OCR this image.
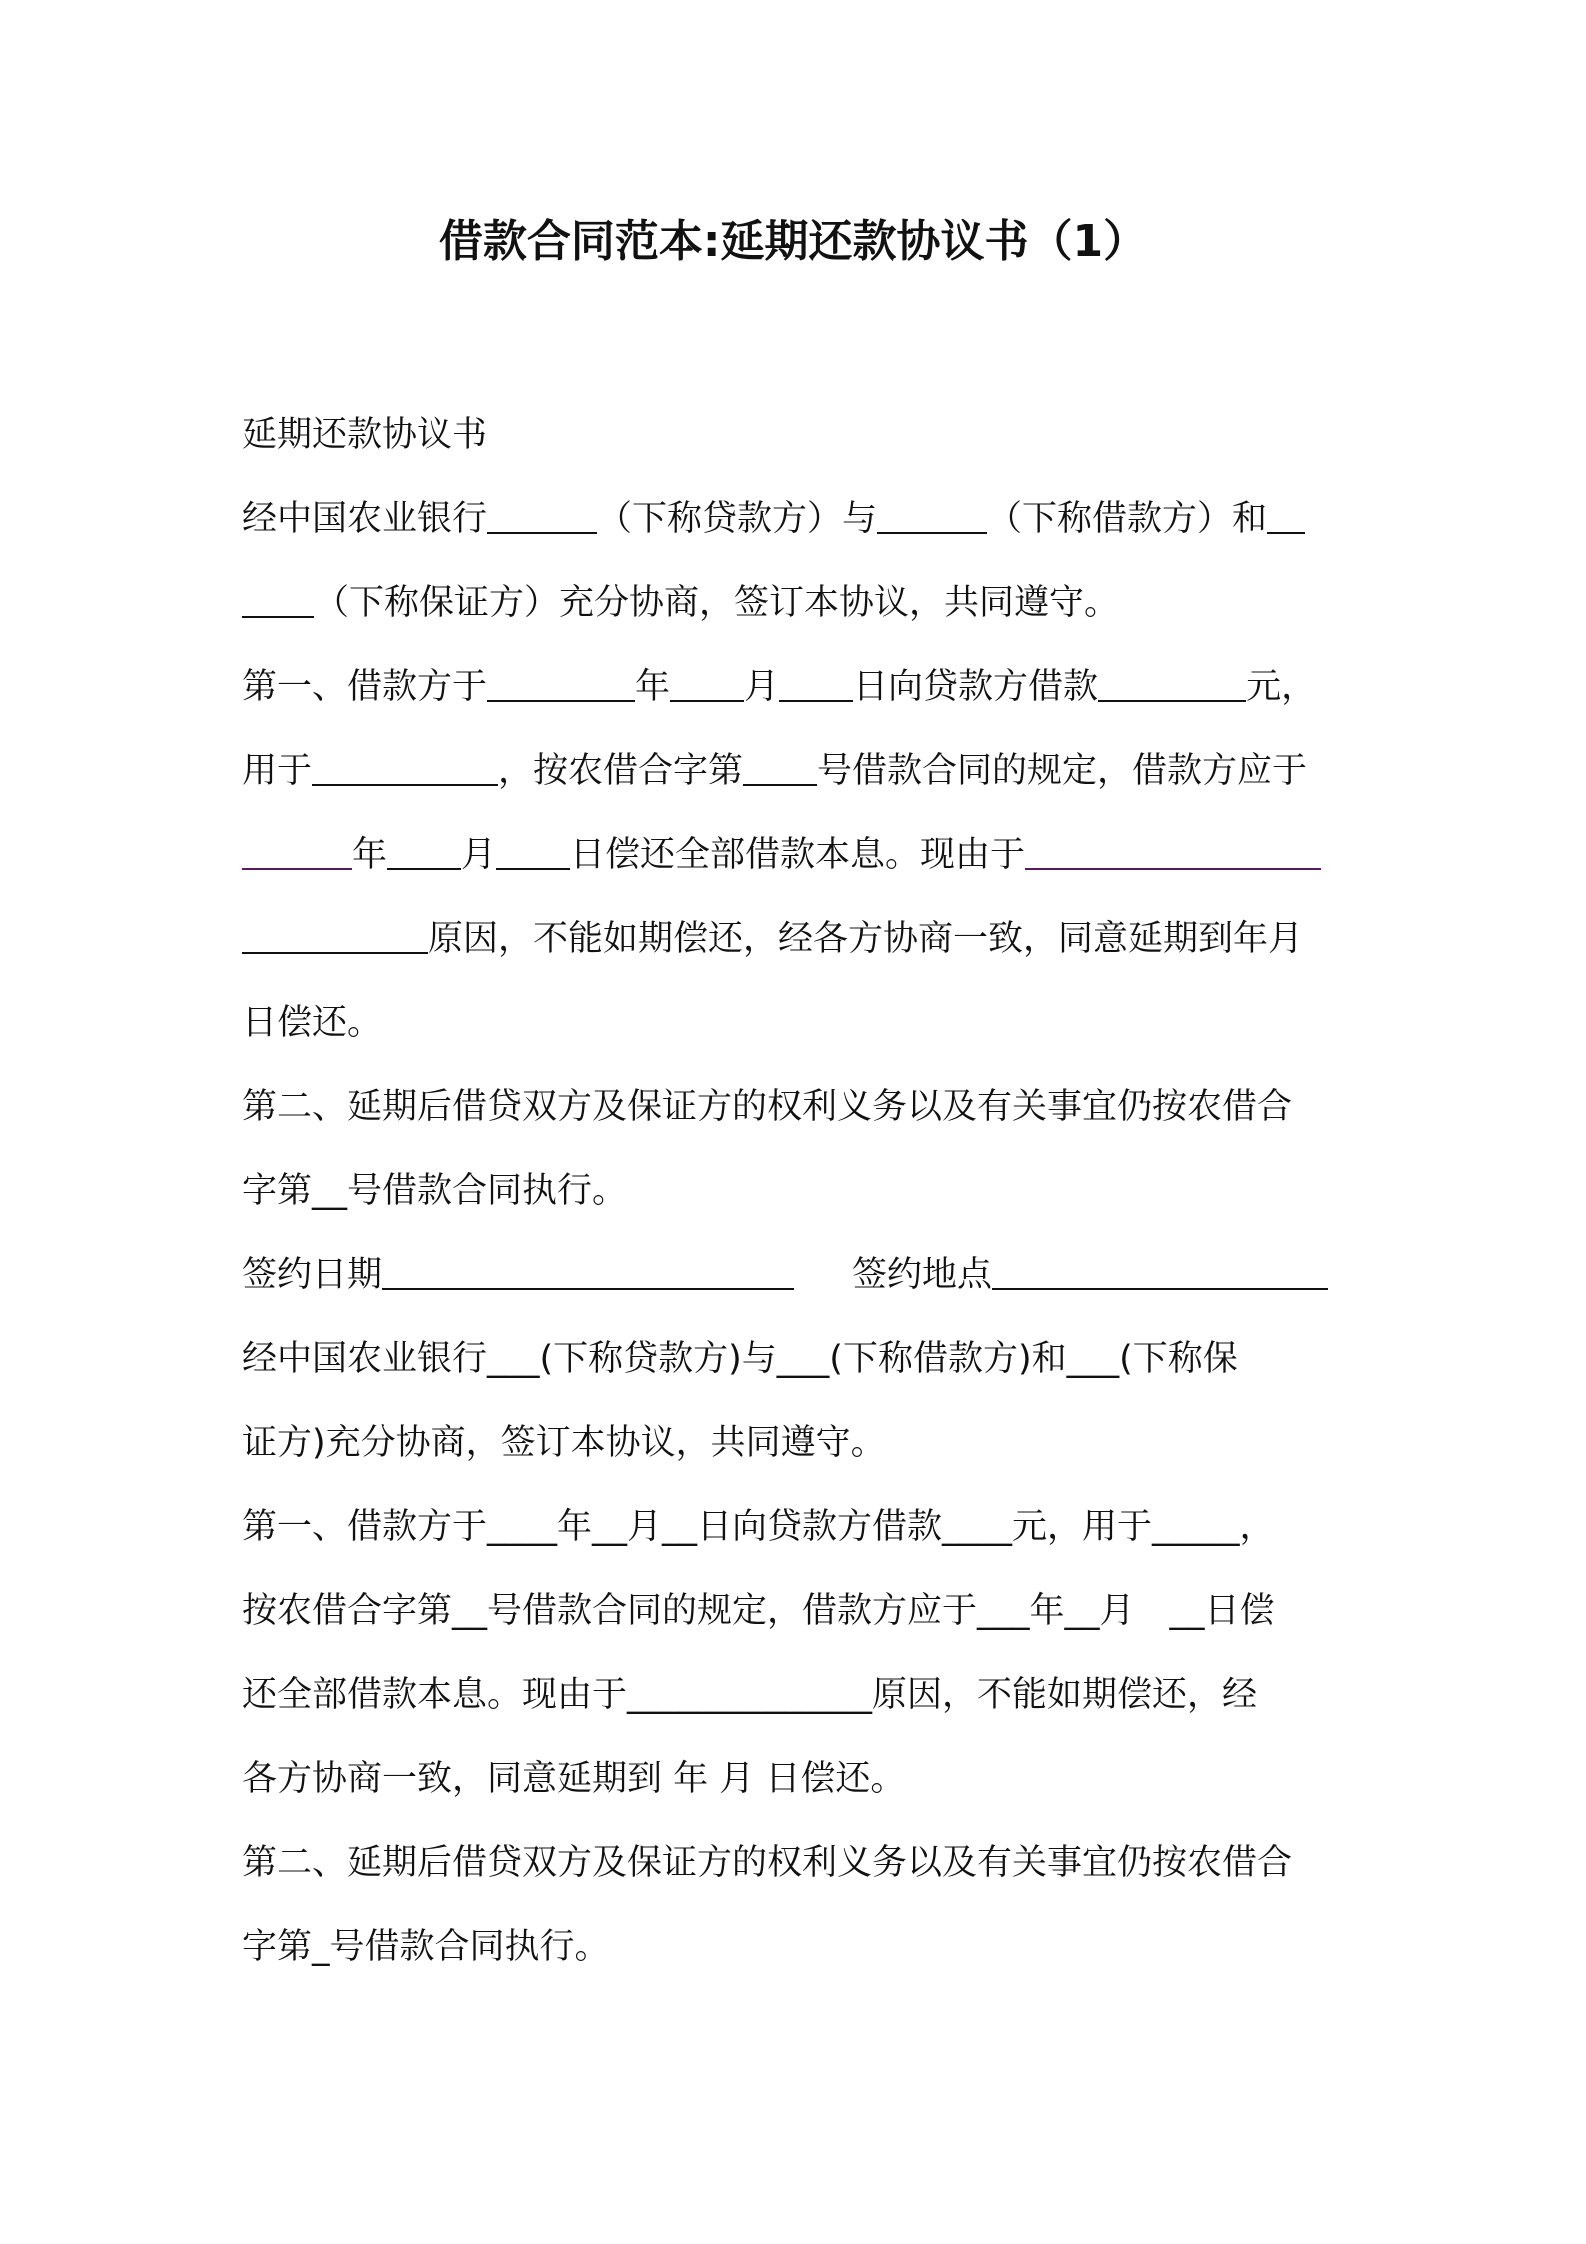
借款合同范本:延期还款协议书（1）
延期还款协议书
经中国农业银行	（下称贷款方）与	（下称借款方）和
（下称保证方）充分协商，签订本协议，共同遵守。
第一、借款方于	年 月 日向贷款方借款	元，
用于	，按农借合字第 号借款合同的规定，借款方应于
年 月 日偿还全部借款本息。现由于
原因，不能如期偿还，经各方协商一致，同意延期到年月
日偿还。
第二、延期后借贷双方及保证方的权利义务以及有关事宜仍按农借合
字第__号借款合同执行。
签约日期	签约地点
经中国农业银行___(下称贷款方)与___(下称借款方)和___(下称保
证方)充分协商，签订本协议，共同遵守。
第一、借款方于____年__月__日向贷款方借款____元，用于_____，
按农借合字第__号借款合同的规定，借款方应于___年__月　__日偿
还全部借款本息。现由于______________原因，不能如期偿还，经
各方协商一致，同意延期到 年 月 日偿还。
第二、延期后借贷双方及保证方的权利义务以及有关事宜仍按农借合
字第_号借款合同执行。
